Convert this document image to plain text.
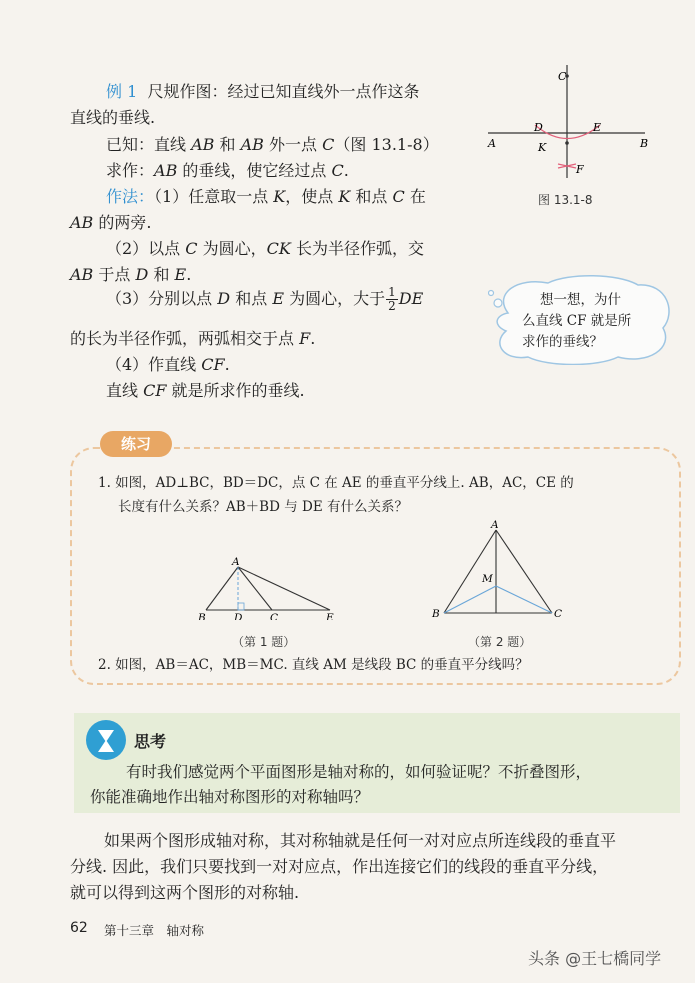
例 1 尺规作图：经过已知直线外一点作这条
直线的垂线.
已知：直线 AB 和 AB 外一点 C（图 13.1-8）
求作：AB 的垂线，使它经过点 C.
作法：（1）任意取一点 K，使点 K 和点 C 在
AB 的两旁.
（2）以点 C 为圆心，CK 长为半径作弧，交
AB 于点 D 和 E.
（3）分别以点 D 和点 E 为圆心，大于 $\frac{1}{2}$ DE
的长为半径作弧，两弧相交于点 F.
（4）作直线 CF.
直线 CF 就是所求作的垂线.
C
D	E
A	B
K
F
图 13.1-8
想一想，为什
么直线 CF 就是所
求作的垂线？
练习
1. 如图，AD⊥BC，BD＝DC，点 C 在 AE 的垂直平分线上. AB，AC，CE 的
长度有什么关系？AB＋BD 与 DE 有什么关系？
A
B	D	C	E
（第 1 题）
A
M
B	C
（第 2 题）
2. 如图，AB＝AC，MB＝MC. 直线 AM 是线段 BC 的垂直平分线吗？
思考
有时我们感觉两个平面图形是轴对称的，如何验证呢？不折叠图形，
你能准确地作出轴对称图形的对称轴吗？
如果两个图形成轴对称，其对称轴就是任何一对对应点所连线段的垂直平
分线. 因此，我们只要找到一对对应点，作出连接它们的线段的垂直平分线，
就可以得到这两个图形的对称轴.
62 第十三章　轴对称
头条 @王七橋同学
